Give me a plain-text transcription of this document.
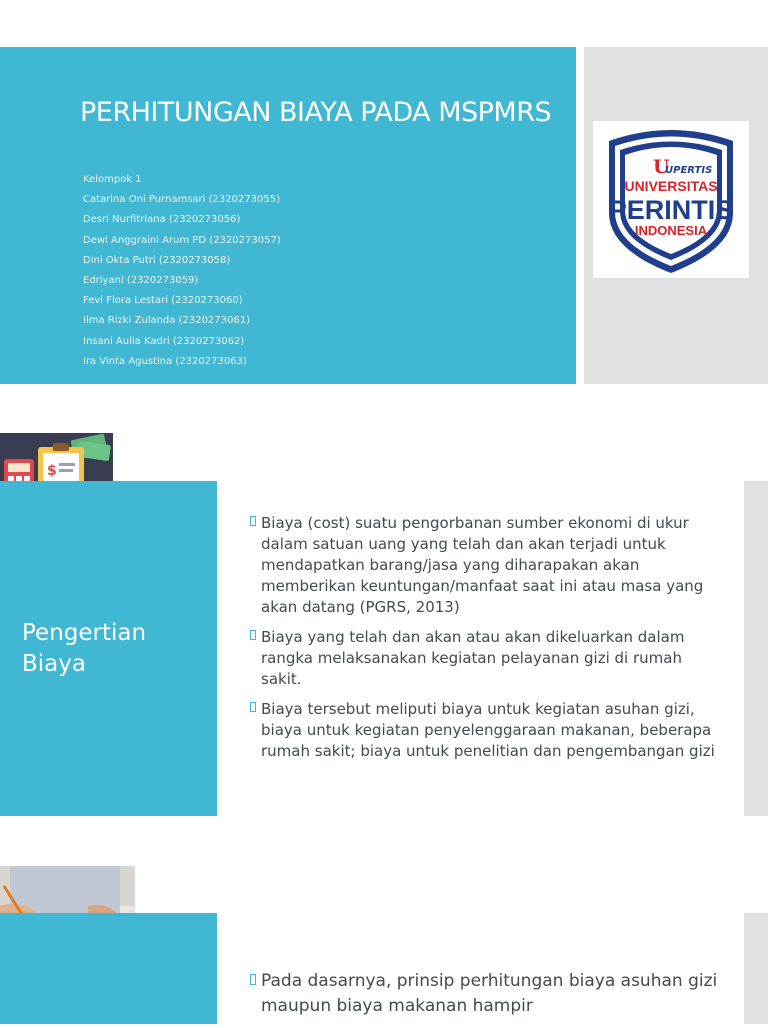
PERHITUNGAN BIAYA PADA MSPMRS
Kelompok 1
Catarina Oni Purnamsari (2320273055)
Desri Nurfitriana (2320273056)
Dewi Anggraini Arum PD (2320273057)
Dini Okta Putri (2320273058)
Edriyani (2320273059)
Fevi Flora Lestari (2320273060)
Ilma Rizki Zulanda (2320273061)
Insani Aulia Kadri (2320273062)
Ira Vinta Agustina (2320273063)
U
UPERTIS
UNIVERSITAS
PERINTIS
INDONESIA
$
Pengertian Biaya
Biaya (cost) suatu pengorbanan sumber ekonomi di ukur dalam satuan uang yang telah dan akan terjadi untuk mendapatkan barang/jasa yang diharapakan akan memberikan keuntungan/manfaat saat ini atau masa yang akan datang (PGRS, 2013)
Biaya yang telah dan akan atau akan dikeluarkan dalam rangka melaksanakan kegiatan pelayanan gizi di rumah sakit.
Biaya tersebut meliputi biaya untuk kegiatan asuhan gizi, biaya untuk kegiatan penyelenggaraan makanan, beberapa rumah sakit; biaya untuk penelitian dan pengembangan gizi
Pada dasarnya, prinsip perhitungan biaya asuhan gizi maupun biaya makanan hampir
